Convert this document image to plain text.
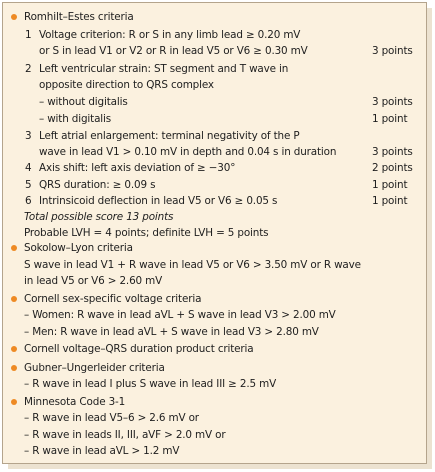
Romhilt–Estes criteria
1 Voltage criterion: R or S in any limb lead ≥ 0.20 mV
or S in lead V1 or V2 or R in lead V5 or V6 ≥ 0.30 mV	3 points
2 Left ventricular strain: ST segment and T wave in
opposite direction to QRS complex
– without digitalis	3 points
– with digitalis	1 point
3 Left atrial enlargement: terminal negativity of the P
wave in lead V1 > 0.10 mV in depth and 0.04 s in duration	3 points
4 Axis shift: left axis deviation of ≥ −30°	2 points
5 QRS duration: ≥ 0.09 s	1 point
6 Intrinsicoid deflection in lead V5 or V6 ≥ 0.05 s	1 point
Total possible score 13 points
Probable LVH = 4 points; definite LVH = 5 points
Sokolow–Lyon criteria
S wave in lead V1 + R wave in lead V5 or V6 > 3.50 mV or R wave
in lead V5 or V6 > 2.60 mV
Cornell sex-specific voltage criteria
– Women: R wave in lead aVL + S wave in lead V3 > 2.00 mV
– Men: R wave in lead aVL + S wave in lead V3 > 2.80 mV
Cornell voltage–QRS duration product criteria
Gubner–Ungerleider criteria
– R wave in lead I plus S wave in lead III ≥ 2.5 mV
Minnesota Code 3-1
– R wave in lead V5–6 > 2.6 mV or
– R wave in leads II, III, aVF > 2.0 mV or
– R wave in lead aVL > 1.2 mV
